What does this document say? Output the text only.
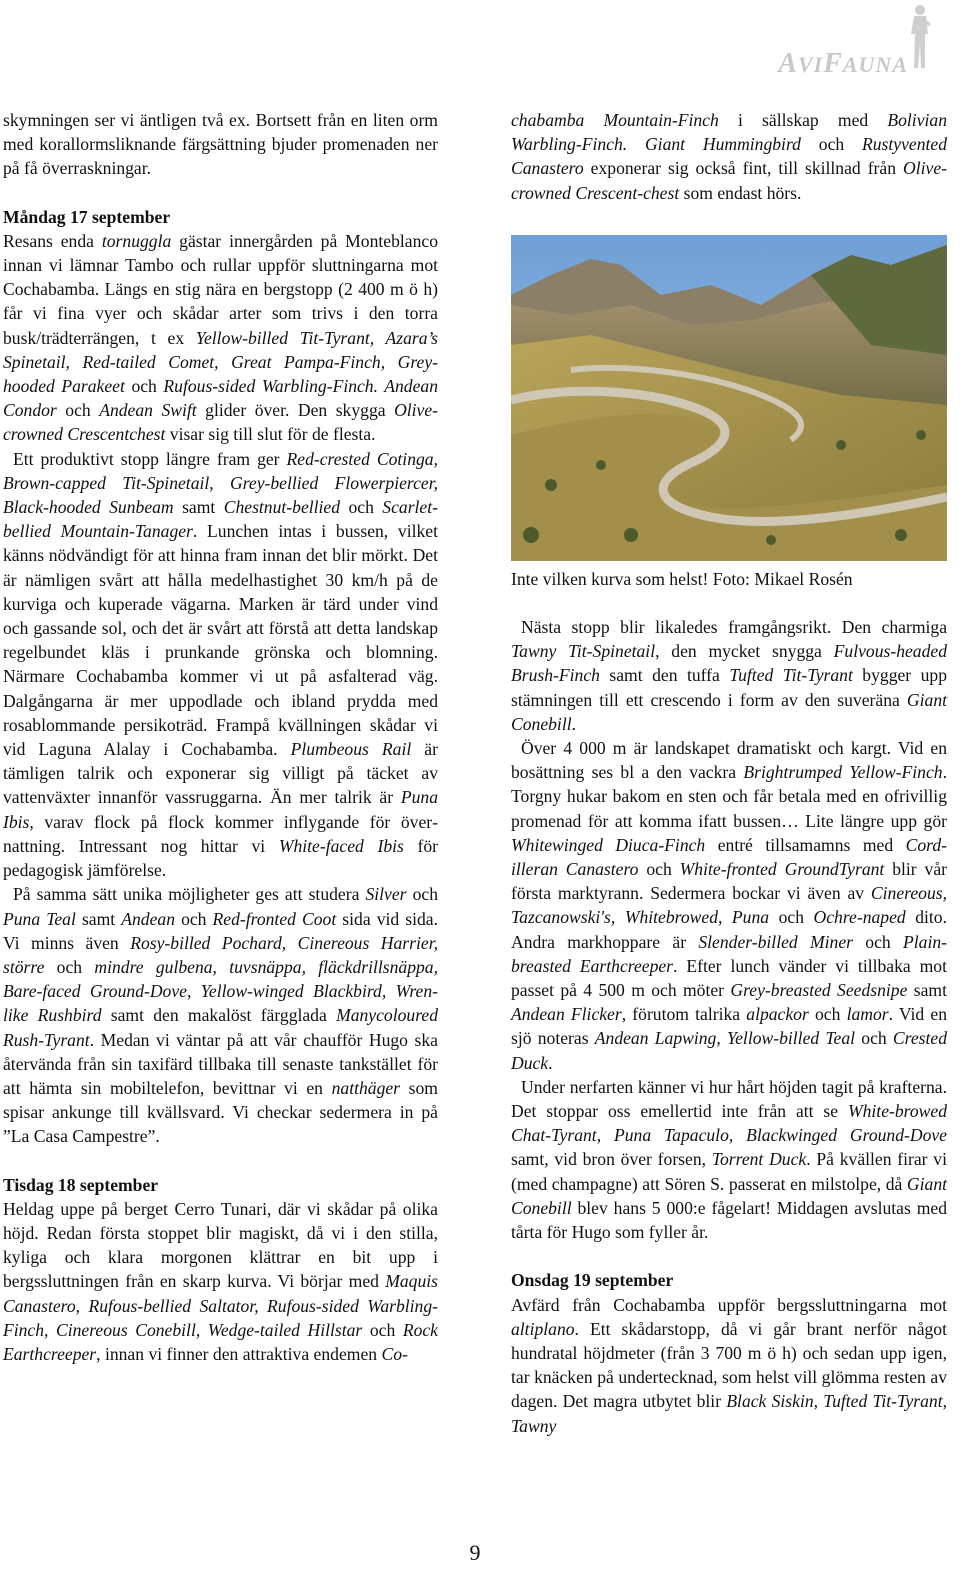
AVIFAUNA

skymningen ser vi äntligen två ex. Bortsett från en liten orm med korallormsliknande färgsättning bjuder promenaden ner på få överraskningar.

Måndag 17 september

Resans enda tornuggla gästar innergården på Monteblanco innan vi lämnar Tambo och rullar uppför sluttningarna mot Cochabamba. Längs en stig nära en bergstopp (2 400 m ö h) får vi fina vyer och skådar arter som trivs i den torra busk/trädterrängen, t ex Yellow-billed Tit-Tyrant, Azara’s Spinetail, Red-tailed Comet, Great Pampa-Finch, Grey-hooded Parakeet och Rufous-sided Warbling-Finch. Andean Condor och Andean Swift glider över. Den skygga Olive-crowned Crescentchest visar sig till slut för de flesta.

Ett produktivt stopp längre fram ger Red-crested Cotinga, Brown-capped Tit-Spinetail, Grey-bellied Flowerpiercer, Black-hooded Sunbeam samt Chestnut-bellied och Scarlet-bellied Mountain-Tanager. Lunchen intas i bussen, vilket känns nödvändigt för att hinna fram innan det blir mörkt. Det är nämligen svårt att hålla medelhastighet 30 km/h på de kurviga och kuperade vägarna. Marken är tärd under vind och gassande sol, och det är svårt att förstå att detta landskap regelbundet kläs i prunkande grönska och blomning. Närmare Cochabamba kommer vi ut på asfalterad väg. Dalgångarna är mer uppodlade och ibland prydda med rosablommande persikoträd. Frampå kvällningen skådar vi vid Laguna Alalay i Cochabamba. Plumbeous Rail är tämligen talrik och exponerar sig villigt på täcket av vattenväxter innanför vassruggarna. Än mer talrik är Puna Ibis, varav flock på flock kommer inflygande för övernattning. Intressant nog hittar vi White-faced Ibis för pedagogisk jämförelse.

På samma sätt unika möjligheter ges att studera Silver och Puna Teal samt Andean och Red-fronted Coot sida vid sida. Vi minns även Rosy-billed Pochard, Cinereous Harrier, större och mindre gulbena, tuvsnäppa, fläckdrillsnäppa, Bare-faced Ground-Dove, Yellow-winged Blackbird, Wren-like Rushbird samt den makalöst färgglada Manycoloured Rush-Tyrant. Medan vi väntar på att vår chaufför Hugo ska återvända från sin taxifärd tillbaka till senaste tankstället för att hämta sin mobiltelefon, bevittnar vi en natthäger som spisar ankunge till kvällsvard. Vi checkar sedermera in på ”La Casa Campestre”.

Tisdag 18 september

Heldag uppe på berget Cerro Tunari, där vi skådar på olika höjd. Redan första stoppet blir magiskt, då vi i den stilla, kyliga och klara morgonen klättrar en bit upp i bergssluttningen från en skarp kurva. Vi börjar med Maquis Canastero, Rufous-bellied Saltator, Rufous-sided Warbling-Finch, Cinereous Conebill, Wedge-tailed Hillstar och Rock Earthcreeper, innan vi finner den attraktiva endemen Co-

chabamba Mountain-Finch i sällskap med Bolivian Warbling-Finch. Giant Hummingbird och Rustyvented Canastero exponerar sig också fint, till skillnad från Olive-crowned Crescent-chest som endast hörs.

Inte vilken kurva som helst! Foto: Mikael Rosén

Nästa stopp blir likaledes framgångsrikt. Den charmiga Tawny Tit-Spinetail, den mycket snygga Fulvous-headed Brush-Finch samt den tuffa Tufted Tit-Tyrant bygger upp stämningen till ett crescendo i form av den suveräna Giant Conebill.

Över 4 000 m är landskapet dramatiskt och kargt. Vid en bosättning ses bl a den vackra Brightrumped Yellow-Finch. Torgny hukar bakom en sten och får betala med en ofrivillig promenad för att komma ifatt bussen… Lite längre upp gör Whitewinged Diuca-Finch entré tillsamamns med Cordilleran Canastero och White-fronted GroundTyrant blir vår första marktyrann. Sedermera bockar vi även av Cinereous, Tazcanowski's, Whitebrowed, Puna och Ochre-naped dito. Andra markhoppare är Slender-billed Miner och Plain-breasted Earthcreeper. Efter lunch vänder vi tillbaka mot passet på 4 500 m och möter Grey-breasted Seedsnipe samt Andean Flicker, förutom talrika alpackor och lamor. Vid en sjö noteras Andean Lapwing, Yellow-billed Teal och Crested Duck.

Under nerfarten känner vi hur hårt höjden tagit på krafterna. Det stoppar oss emellertid inte från att se White-browed Chat-Tyrant, Puna Tapaculo, Blackwinged Ground-Dove samt, vid bron över forsen, Torrent Duck. På kvällen firar vi (med champagne) att Sören S. passerat en milstolpe, då Giant Conebill blev hans 5 000:e fågelart! Middagen avslutas med tårta för Hugo som fyller år.

Onsdag 19 september

Avfärd från Cochabamba uppför bergssluttningarna mot altiplano. Ett skådarstopp, då vi går brant nerför något hundratal höjdmeter (från 3 700 m ö h) och sedan upp igen, tar knäcken på undertecknad, som helst vill glömma resten av dagen. Det magra utbytet blir Black Siskin, Tufted Tit-Tyrant, Tawny

9
